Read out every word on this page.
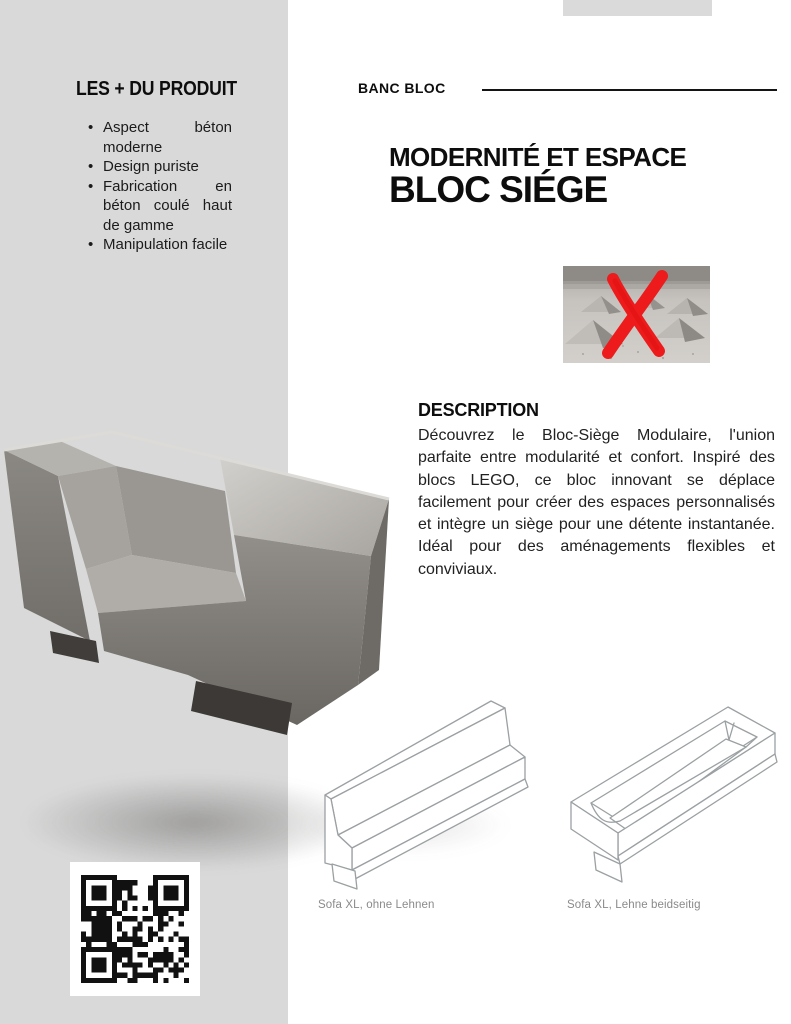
LES + DU PRODUIT
• Aspect béton moderne
• Design puriste
• Fabrication en béton coulé haut de gamme
• Manipulation facile
BANC BLOC
MODERNITÉ ET ESPACE
BLOC SIÉGE
DESCRIPTION

Découvrez le Bloc-Siège Modulaire, l'union parfaite entre modularité et confort. Inspiré des blocs LEGO, ce bloc innovant se déplace facilement pour créer des espaces personnalisés et intègre un siège pour une détente instantanée. Idéal pour des aménagements flexibles et conviviaux.

Sofa XL, ohne Lehnen	Sofa XL, Lehne beidseitig
